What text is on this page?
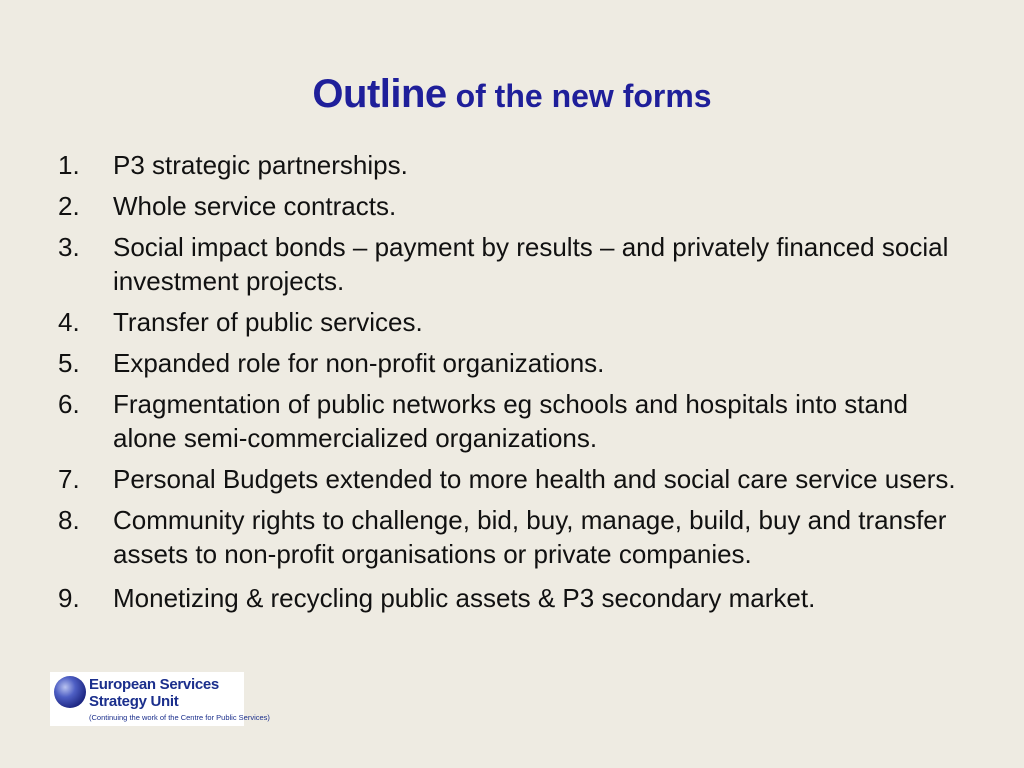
Outline of the new forms
1. P3 strategic partnerships.
2. Whole service contracts.
3. Social impact bonds – payment by results – and privately financed social investment projects.
4. Transfer of public services.
5. Expanded role for non-profit organizations.
6. Fragmentation of public networks eg schools and hospitals into stand alone semi-commercialized organizations.
7. Personal Budgets extended to more health and social care service users.
8. Community rights to challenge, bid, buy, manage, build, buy and transfer assets to non-profit organisations or private companies.
9. Monetizing & recycling public assets & P3 secondary market.
European Services
Strategy Unit
(Continuing the work of the Centre for Public Services)
